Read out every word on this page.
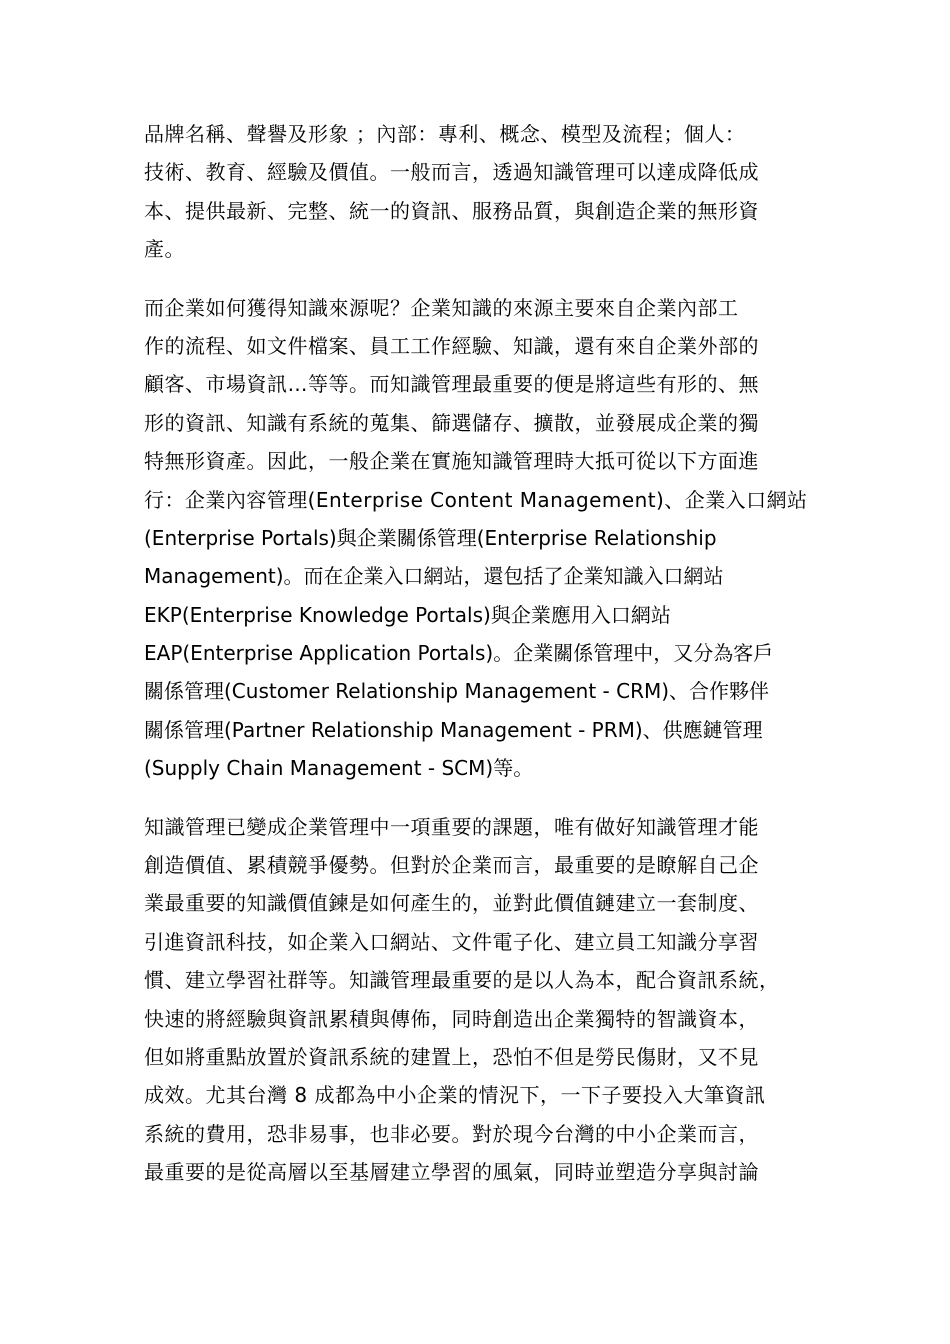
品牌名稱、聲譽及形象 ；內部：專利、概念、模型及流程；個人：
技術、教育、經驗及價值。一般而言，透過知識管理可以達成降低成
本、提供最新、完整、統一的資訊、服務品質，與創造企業的無形資
產。

而企業如何獲得知識來源呢？企業知識的來源主要來自企業內部工
作的流程、如文件檔案、員工工作經驗、知識，還有來自企業外部的
顧客、市場資訊…等等。而知識管理最重要的便是將這些有形的、無
形的資訊、知識有系統的蒐集、篩選儲存、擴散，並發展成企業的獨
特無形資產。因此，一般企業在實施知識管理時大抵可從以下方面進
行：企業內容管理(Enterprise Content Management)、企業入口網站
(Enterprise Portals)與企業關係管理(Enterprise Relationship
Management)。而在企業入口網站，還包括了企業知識入口網站
EKP(Enterprise Knowledge Portals)與企業應用入口網站
EAP(Enterprise Application Portals)。企業關係管理中，又分為客戶
關係管理(Customer Relationship Management - CRM)、合作夥伴
關係管理(Partner Relationship Management - PRM)、供應鏈管理
(Supply Chain Management - SCM)等。

知識管理已變成企業管理中一項重要的課題，唯有做好知識管理才能
創造價值、累積競爭優勢。但對於企業而言，最重要的是瞭解自己企
業最重要的知識價值鍊是如何產生的，並對此價值鏈建立一套制度、
引進資訊科技，如企業入口網站、文件電子化、建立員工知識分享習
慣、建立學習社群等。知識管理最重要的是以人為本，配合資訊系統，
快速的將經驗與資訊累積與傳佈，同時創造出企業獨特的智識資本，
但如將重點放置於資訊系統的建置上，恐怕不但是勞民傷財，又不見
成效。尤其台灣 8 成都為中小企業的情況下，一下子要投入大筆資訊
系統的費用，恐非易事，也非必要。對於現今台灣的中小企業而言，
最重要的是從高層以至基層建立學習的風氣，同時並塑造分享與討論
